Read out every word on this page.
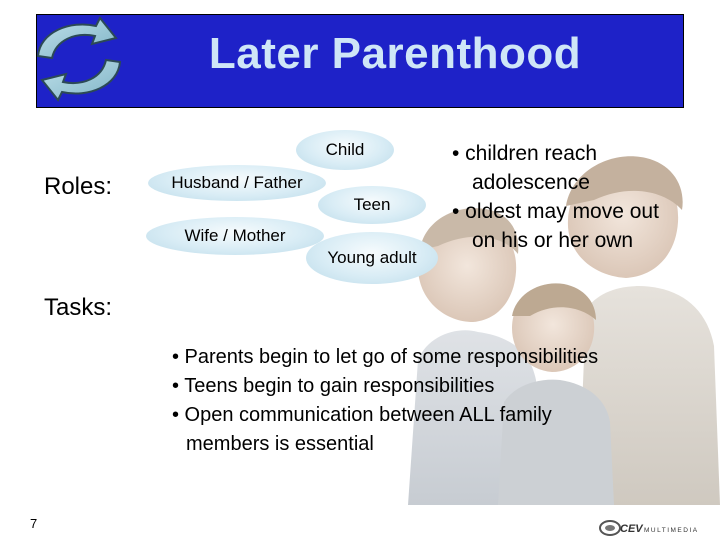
Later Parenthood
Roles:
Tasks:
Husband / Father
Wife / Mother
Child
Teen
Young adult
• children reach
adolescence
• oldest may move out
on his or her own
• Parents begin to let go of some responsibilities
• Teens begin to gain responsibilities
• Open communication between ALL family
members is essential
7	CEV MULTIMEDIA
